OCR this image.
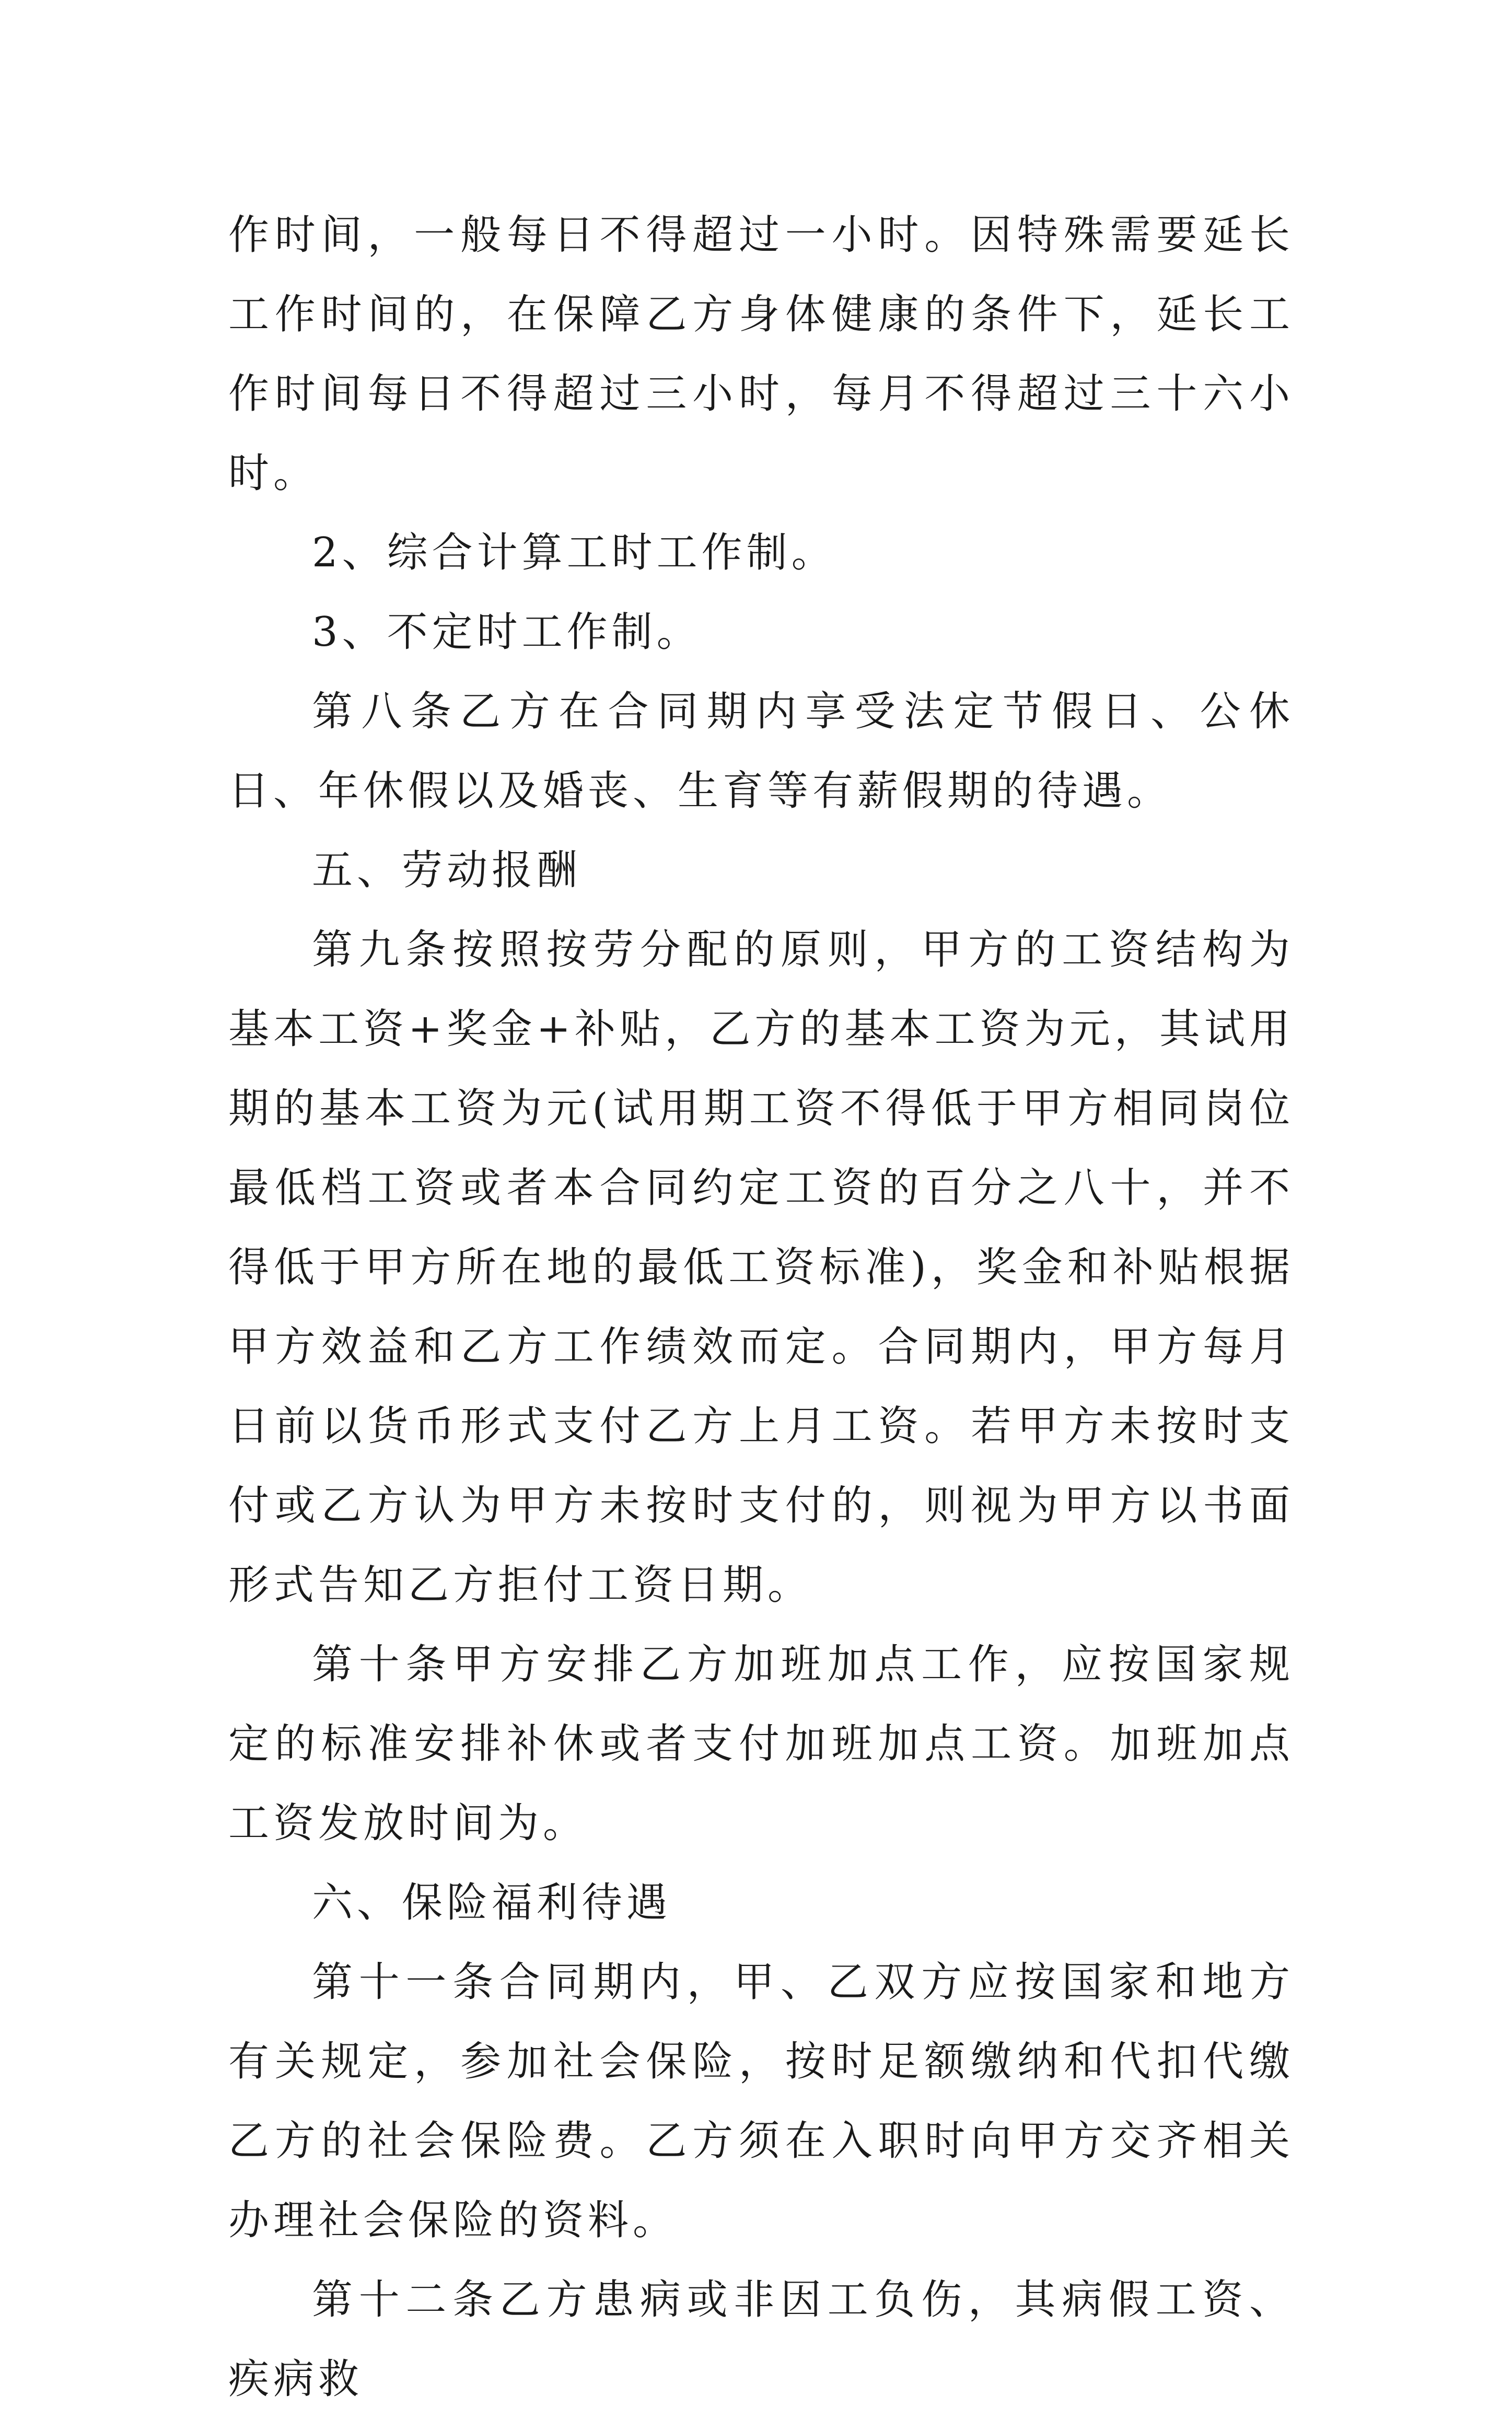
作时间，一般每日不得超过一小时。因特殊需要延长工作时间的，在保障乙方身体健康的条件下，延长工作时间每日不得超过三小时，每月不得超过三十六小时。

2、综合计算工时工作制。

3、不定时工作制。

第八条乙方在合同期内享受法定节假日、公休日、年休假以及婚丧、生育等有薪假期的待遇。

五、劳动报酬

第九条按照按劳分配的原则，甲方的工资结构为基本工资+奖金+补贴，乙方的基本工资为元，其试用期的基本工资为元(试用期工资不得低于甲方相同岗位最低档工资或者本合同约定工资的百分之八十，并不得低于甲方所在地的最低工资标准)，奖金和补贴根据甲方效益和乙方工作绩效而定。合同期内，甲方每月日前以货币形式支付乙方上月工资。若甲方未按时支付或乙方认为甲方未按时支付的，则视为甲方以书面形式告知乙方拒付工资日期。

第十条甲方安排乙方加班加点工作，应按国家规定的标准安排补休或者支付加班加点工资。加班加点工资发放时间为。

六、保险福利待遇

第十一条合同期内，甲、乙双方应按国家和地方有关规定，参加社会保险，按时足额缴纳和代扣代缴乙方的社会保险费。乙方须在入职时向甲方交齐相关办理社会保险的资料。

第十二条乙方患病或非因工负伤，其病假工资、疾病救
